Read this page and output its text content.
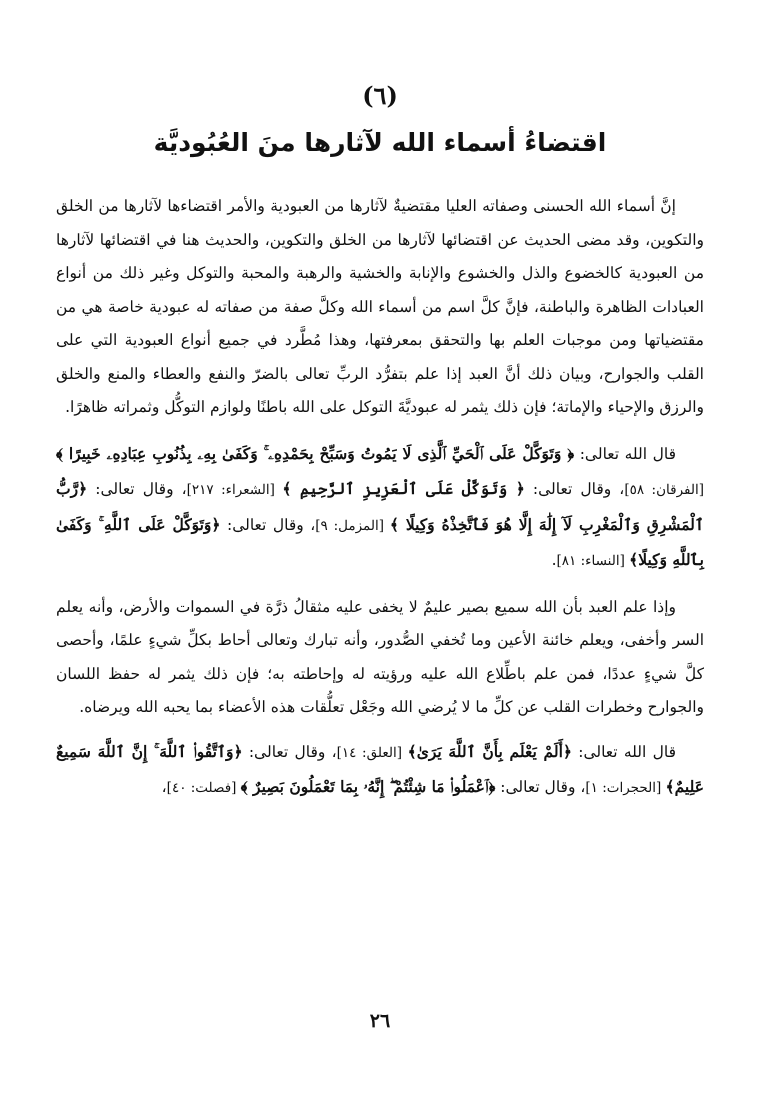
(٦)
اقتضاءُ أسماء الله لآثارها منَ العُبُوديَّة

إنَّ أسماء الله الحسنى وصفاته العليا مقتضيةٌ لآثارها من العبودية والأمر اقتضاءها لآثارها من الخلق والتكوين، وقد مضى الحديث عن اقتضائها لآثارها من الخلق والتكوين، والحديث هنا في اقتضائها لآثارها من العبودية كالخضوع والذل والخشوع والإنابة والخشية والرهبة والمحبة والتوكل وغير ذلك من أنواع العبادات الظاهرة والباطنة، فإنَّ كلَّ اسم من أسماء الله وكلَّ صفة من صفاته له عبودية خاصة هي من مقتضياتها ومن موجبات العلم بها والتحقق بمعرفتها، وهذا مُطَّرد في جميع أنواع العبودية التي على القلب والجوارح، وبيان ذلك أنَّ العبد إذا علم بتفرُّد الربِّ تعالى بالضرّ والنفع والعطاء والمنع والخلق والرزق والإحياء والإماتة؛ فإن ذلك يثمر له عبوديَّةَ التوكل على الله باطنًا ولوازم التوكُّل وثمراته ظاهرًا.

قال الله تعالى: ﴿ وَتَوَكَّلْ عَلَى ٱلْحَيِّ ٱلَّذِى لَا يَمُوتُ وَسَبِّحْ بِحَمْدِهِۦ ۚ وَكَفَىٰ بِهِۦ بِذُنُوبِ عِبَادِهِۦ خَبِيرًا ﴾ [الفرقان: ٥٨]، وقال تعالى: ﴿ وَتَوَكَّلْ عَلَى ٱلْعَزِيزِ ٱلرَّحِيمِ ﴾ [الشعراء: ٢١٧]، وقال تعالى: ﴿رَّبُّ ٱلْمَشْرِقِ وَٱلْمَغْرِبِ لَآ إِلَٰهَ إِلَّا هُوَ فَٱتَّخِذْهُ وَكِيلًا ﴾ [المزمل: ٩]، وقال تعالى: ﴿وَتَوَكَّلْ عَلَى ٱللَّهِ ۚ وَكَفَىٰ بِٱللَّهِ وَكِيلًا﴾ [النساء: ٨١].

وإذا علم العبد بأن الله سميع بصير عليمٌ لا يخفى عليه مثقالُ ذرَّة في السموات والأرض، وأنه يعلم السر وأخفى، ويعلم خائنة الأعين وما تُخفي الصُّدور، وأنه تبارك وتعالى أحاط بكلِّ شيءٍ علمًا، وأحصى كلَّ شيءٍ عددًا، فمن علم باطِّلاع الله عليه ورؤيته له وإحاطته به؛ فإن ذلك يثمر له حفظ اللسان والجوارح وخطرات القلب عن كلِّ ما لا يُرضي الله وجَعْل تعلُّقات هذه الأعضاء بما يحبه الله ويرضاه.

قال الله تعالى: ﴿أَلَمْ يَعْلَم بِأَنَّ ٱللَّهَ يَرَىٰ﴾ [العلق: ١٤]، وقال تعالى: ﴿وَٱتَّقُوا۟ ٱللَّهَ ۚ إِنَّ ٱللَّهَ سَمِيعٌ عَلِيمٌ﴾ [الحجرات: ١]، وقال تعالى: ﴿ٱعْمَلُوا۟ مَا شِئْتُمْ ۖ إِنَّهُۥ بِمَا تَعْمَلُونَ بَصِيرٌ ﴾ [فصلت: ٤٠]،

٢٦
